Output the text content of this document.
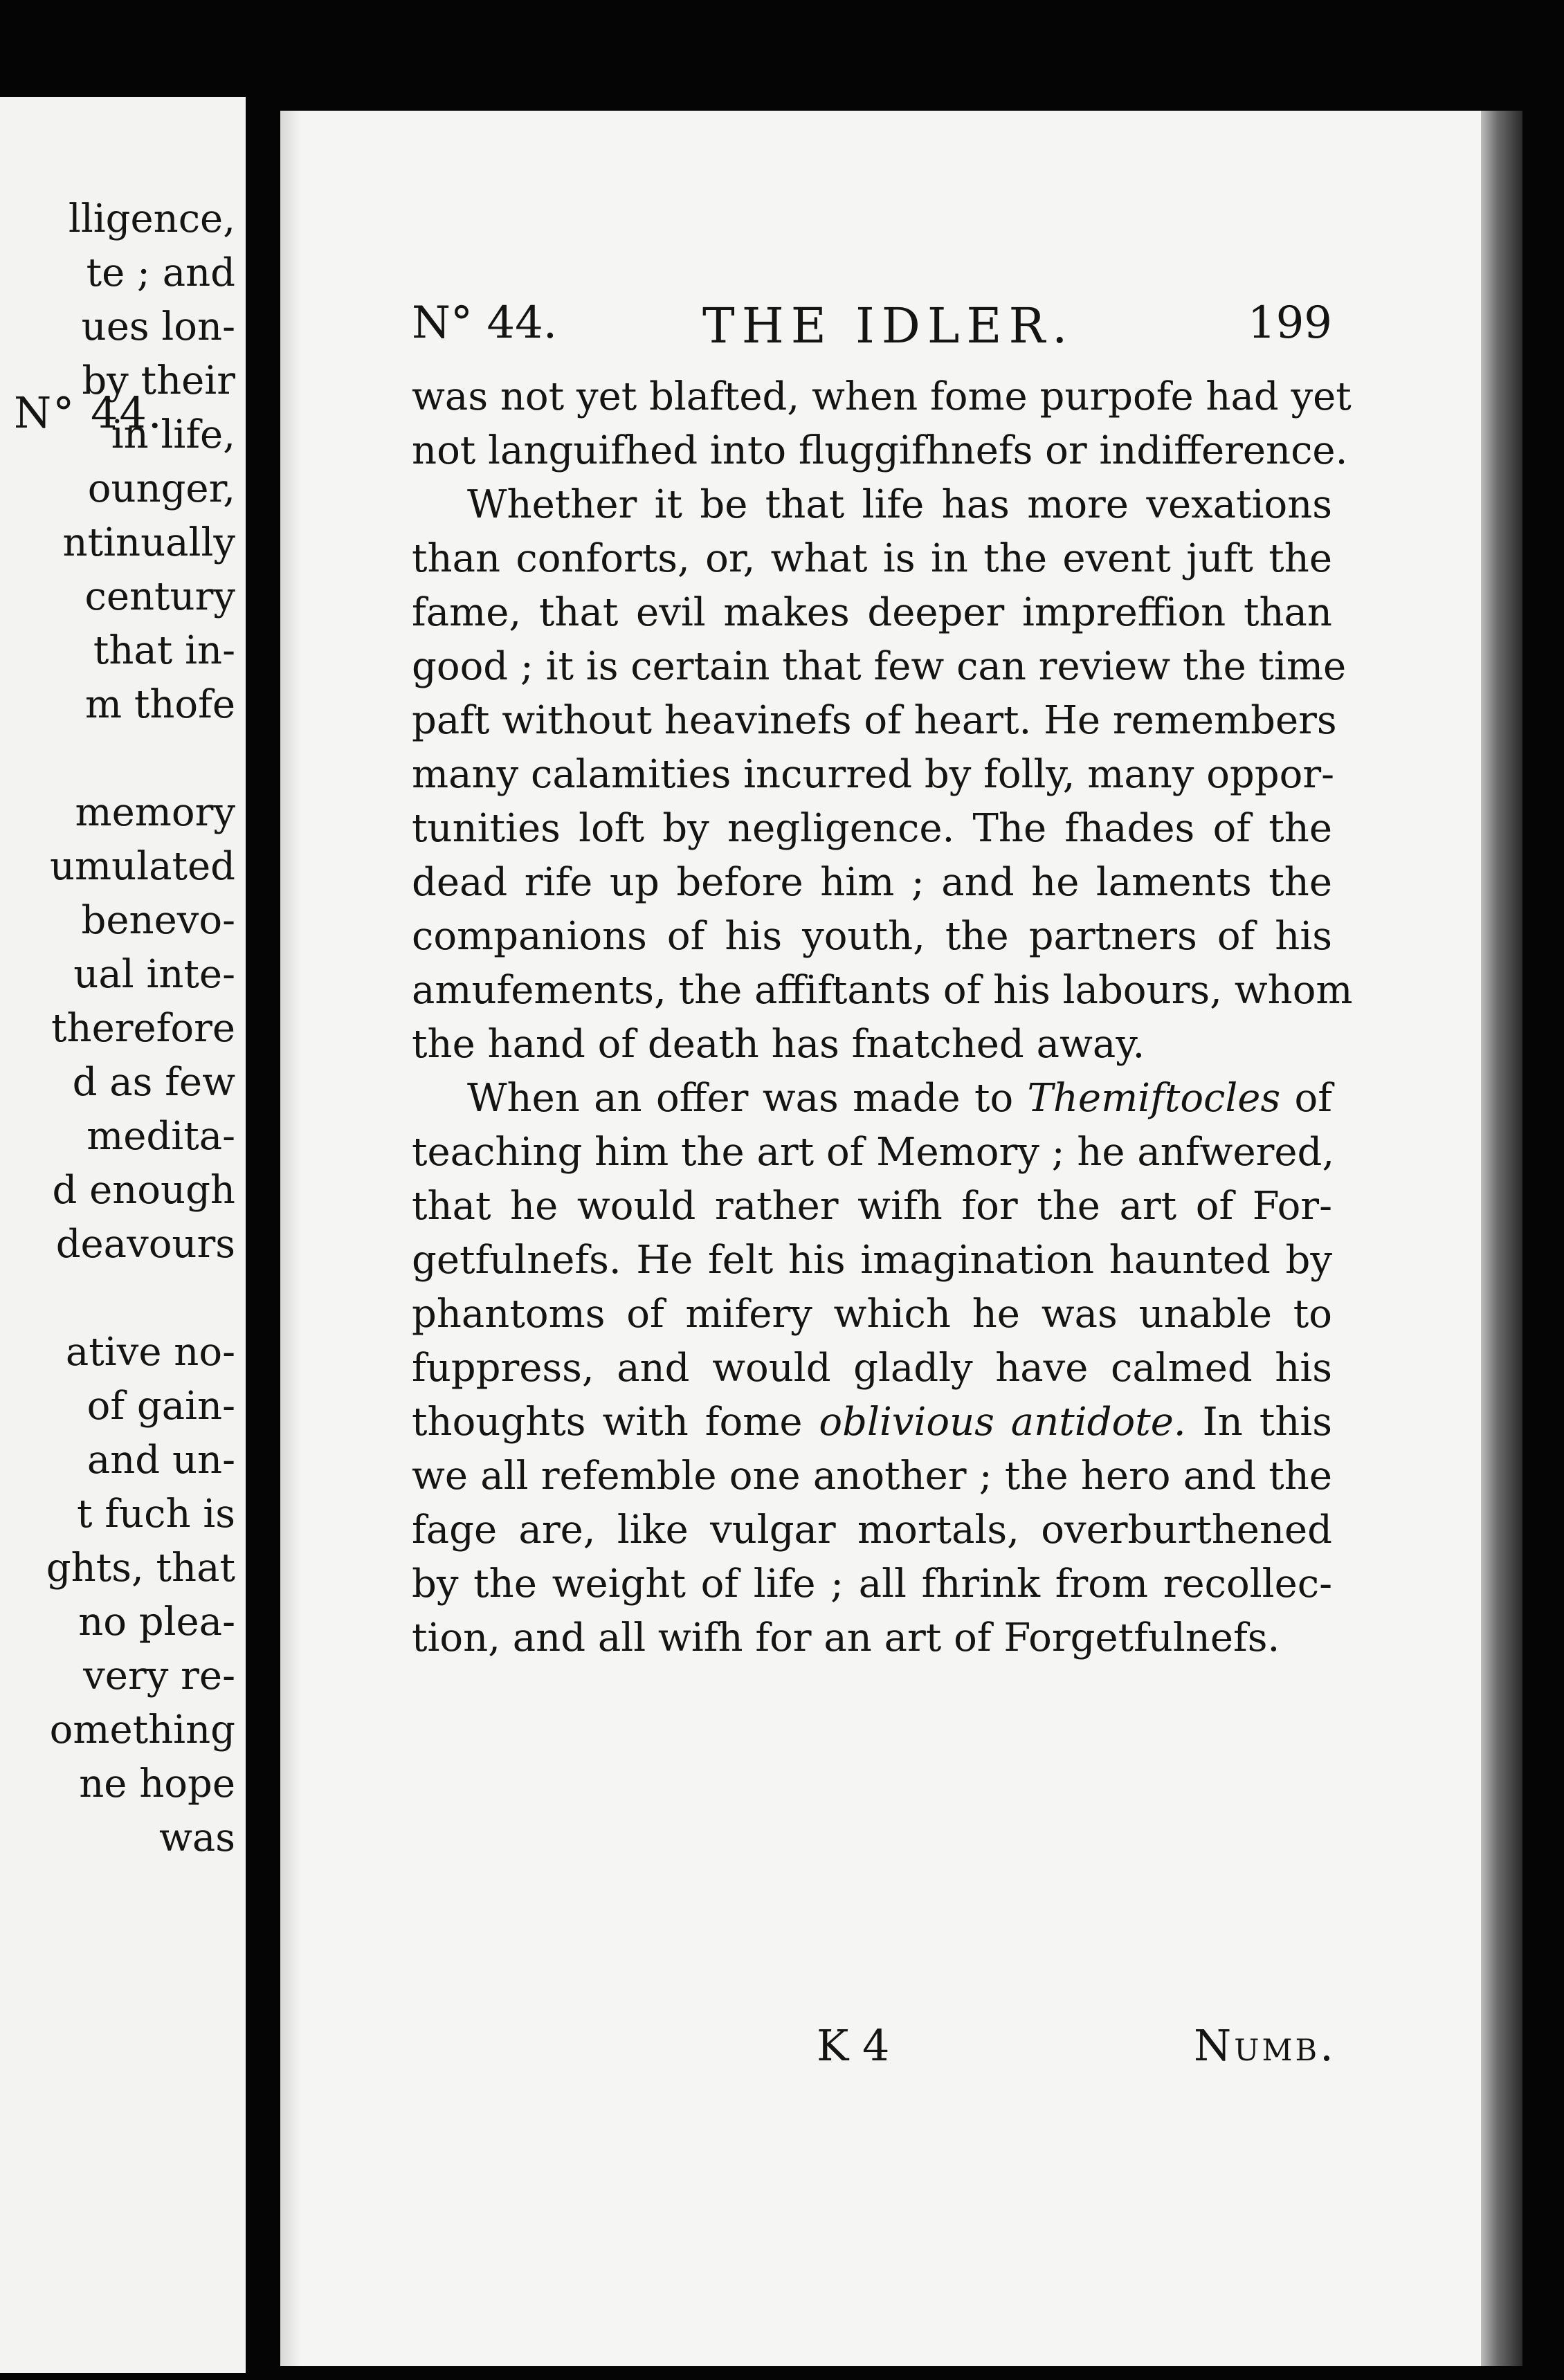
N° 44.
lligence,
te ; and
ues lon-
by their
in life,
ounger,
ntinually
century
that in-
m thofe
memory
umulated
benevo-
ual inte-
therefore
d as few
medita-
d enough
deavours
ative no-
of gain-
and un-
t fuch is
ghts, that
no plea-
very re-
omething
ne hope
was
N° 44.	THE IDLER.	199
was not yet blafted, when fome purpofe had yet
not languifhed into fluggifhnefs or indifference.
Whether it be that life has more vexations
than conforts, or, what is in the event juft the
fame, that evil makes deeper impreffion than
good ; it is certain that few can review the time
paft without heavinefs of heart. He remembers
many calamities incurred by folly, many oppor-
tunities loft by negligence. The fhades of the
dead rife up before him ; and he laments the
companions of his youth, the partners of his
amufements, the affiftants of his labours, whom
the hand of death has fnatched away.
When an offer was made to Themiftocles of
teaching him the art of Memory ; he anfwered,
that he would rather wifh for the art of For-
getfulnefs. He felt his imagination haunted by
phantoms of mifery which he was unable to
fuppress, and would gladly have calmed his
thoughts with fome oblivious antidote. In this
we all refemble one another ; the hero and the
fage are, like vulgar mortals, overburthened
by the weight of life ; all fhrink from recollec-
tion, and all wifh for an art of Forgetfulnefs.
K 4	Numb.
